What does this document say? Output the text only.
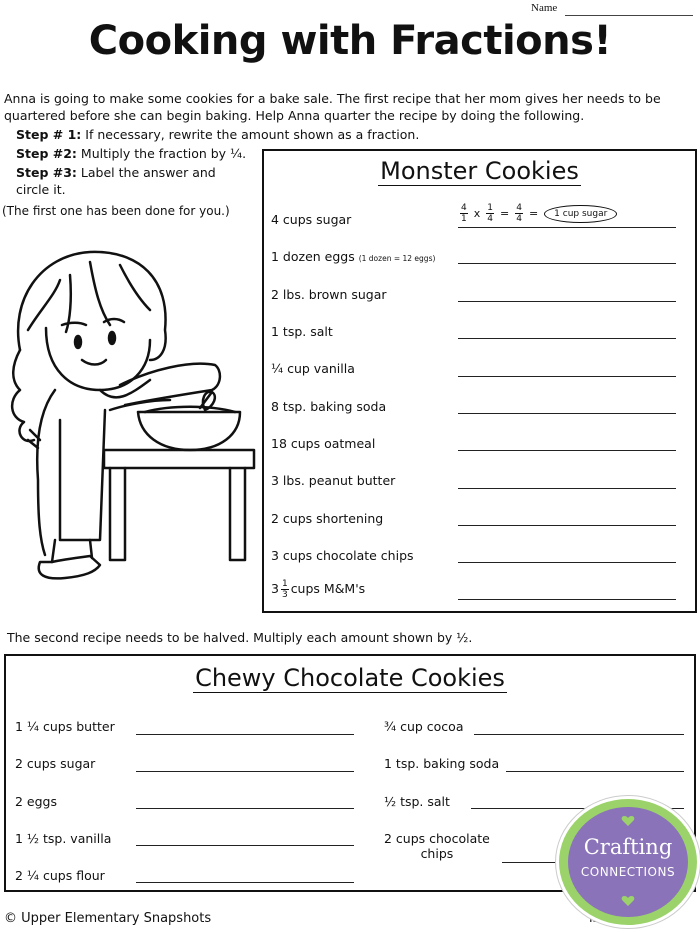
Name
Cooking with Fractions!
Anna is going to make some cookies for a bake sale. The first recipe that her mom gives her needs to be quartered before she can begin baking. Help Anna quarter the recipe by doing the following.
Step # 1: If necessary, rewrite the amount shown as a fraction.
Step #2: Multiply the fraction by ¼.
Step #3: Label the answer and circle it.
(The first one has been done for you.)
Monster Cookies
4 cups sugar	$\frac{4}{1}$ x $\frac{1}{4} = \frac{4}{4} = 1$ cup sugar
1 dozen eggs (1 dozen = 12 eggs)
2 lbs. brown sugar
1 tsp. salt
¼ cup vanilla
8 tsp. baking soda
18 cups oatmeal
3 lbs. peanut butter
2 cups shortening
3 cups chocolate chips
$3 \frac{1}{3}$ cups M&M's
The second recipe needs to be halved. Multiply each amount shown by ½.
Chewy Chocolate Cookies
1 ¼ cups butter
2 cups sugar
2 eggs
1 ½ tsp. vanilla
2 ¼ cups flour
¾ cup cocoa
1 tsp. baking soda
½ tsp. salt
2 cups chocolate
chips
© Upper Elementary Snapshots
Crafting
CONNECTIONS
